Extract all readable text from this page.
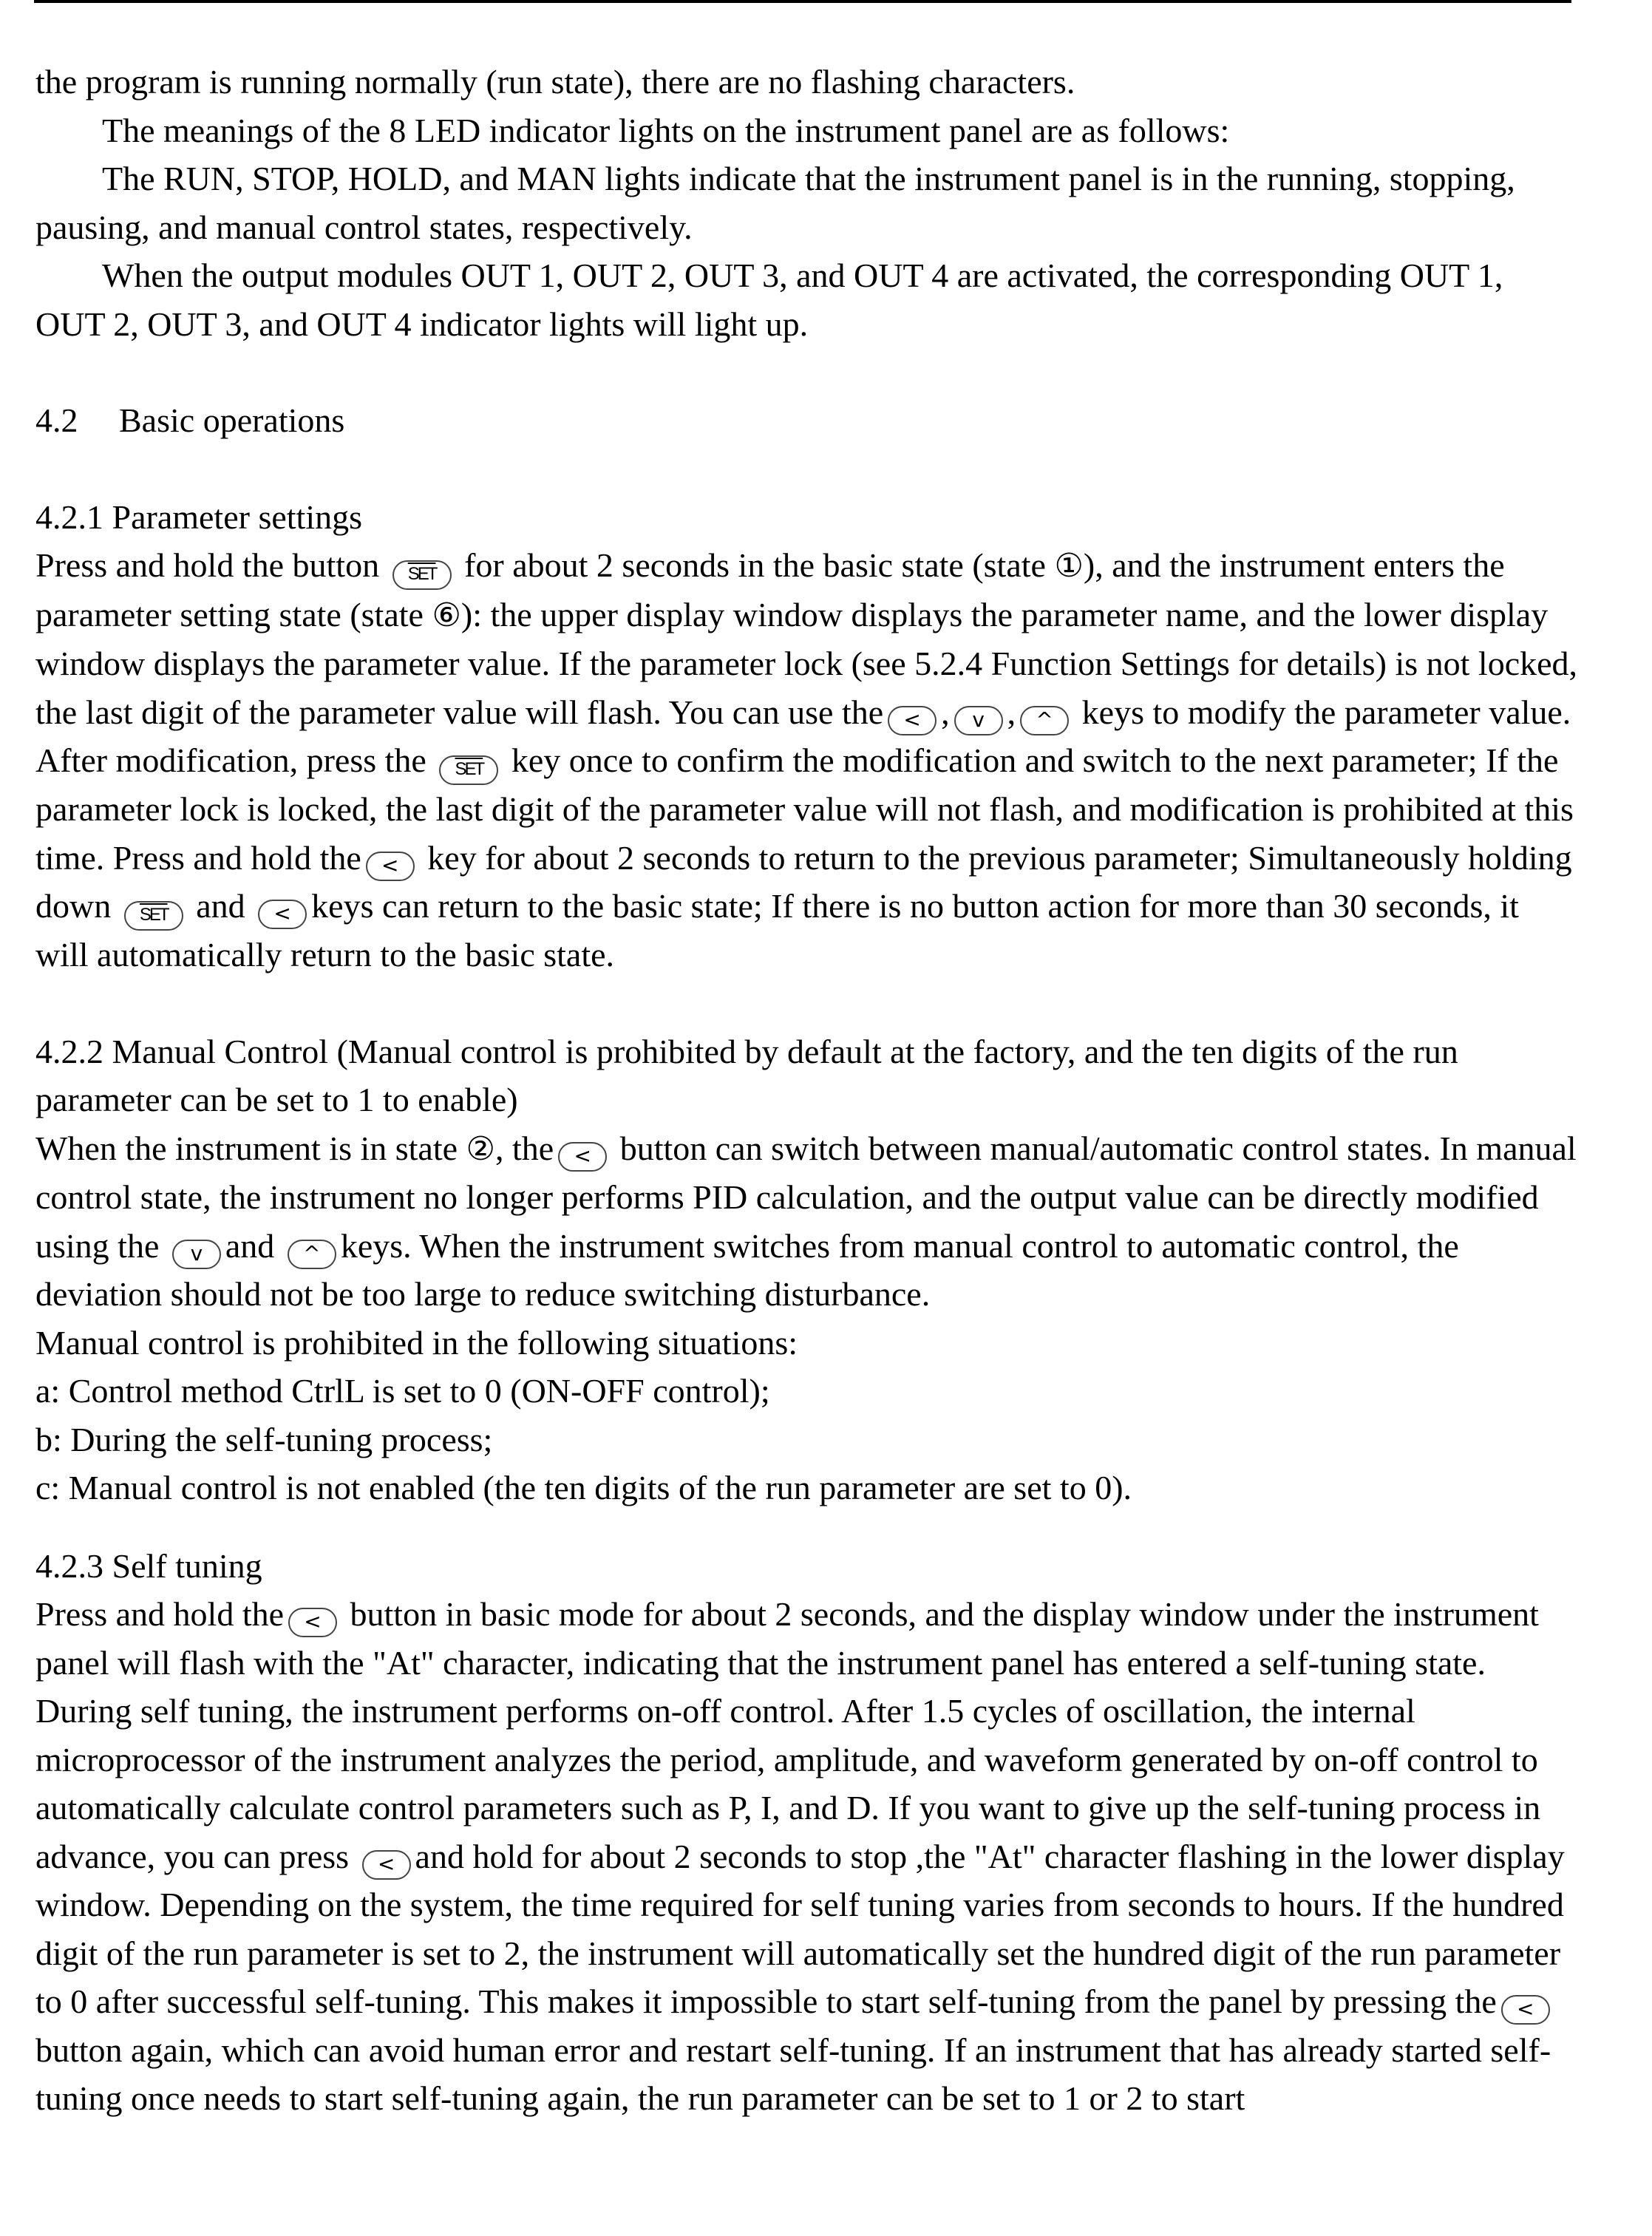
the program is running normally (run state), there are no flashing characters.

The meanings of the 8 LED indicator lights on the instrument panel are as follows:

The RUN, STOP, HOLD, and MAN lights indicate that the instrument panel is in the running, stopping, pausing, and manual control states, respectively.

When the output modules OUT 1, OUT 2, OUT 3, and OUT 4 are activated, the corresponding OUT 1, OUT 2, OUT 3, and OUT 4 indicator lights will light up.

4.2 Basic operations

4.2.1 Parameter settings

Press and hold the button $\overline{SET}$ for about 2 seconds in the basic state (state ①), and the instrument enters the parameter setting state (state ⑥): the upper display window displays the parameter name, and the lower display window displays the parameter value. If the parameter lock (see 5.2.4 Function Settings for details) is not locked, the last digit of the parameter value will flash. You can use the < , v , ^ keys to modify the parameter value. After modification, press the $\overline{SET}$ key once to confirm the modification and switch to the next parameter; If the parameter lock is locked, the last digit of the parameter value will not flash, and modification is prohibited at this time. Press and hold the < key for about 2 seconds to return to the previous parameter; Simultaneously holding down $\overline{SET}$ and < keys can return to the basic state; If there is no button action for more than 30 seconds, it will automatically return to the basic state.

4.2.2 Manual Control (Manual control is prohibited by default at the factory, and the ten digits of the run parameter can be set to 1 to enable)

When the instrument is in state ②, the < button can switch between manual/automatic control states. In manual control state, the instrument no longer performs PID calculation, and the output value can be directly modified using the v and ^ keys. When the instrument switches from manual control to automatic control, the deviation should not be too large to reduce switching disturbance.

Manual control is prohibited in the following situations:

a: Control method CtrlL is set to 0 (ON-OFF control);

b: During the self-tuning process;

c: Manual control is not enabled (the ten digits of the run parameter are set to 0).

4.2.3 Self tuning

Press and hold the < button in basic mode for about 2 seconds, and the display window under the instrument panel will flash with the "At" character, indicating that the instrument panel has entered a self-tuning state. During self tuning, the instrument performs on-off control. After 1.5 cycles of oscillation, the internal microprocessor of the instrument analyzes the period, amplitude, and waveform generated by on-off control to automatically calculate control parameters such as P, I, and D. If you want to give up the self-tuning process in advance, you can press < and hold for about 2 seconds to stop ,the "At" character flashing in the lower display window. Depending on the system, the time required for self tuning varies from seconds to hours. If the hundred digit of the run parameter is set to 2, the instrument will automatically set the hundred digit of the run parameter to 0 after successful self-tuning. This makes it impossible to start self-tuning from the panel by pressing the < button again, which can avoid human error and restart self-tuning. If an instrument that has already started self-tuning once needs to start self-tuning again, the run parameter can be set to 1 or 2 to start
